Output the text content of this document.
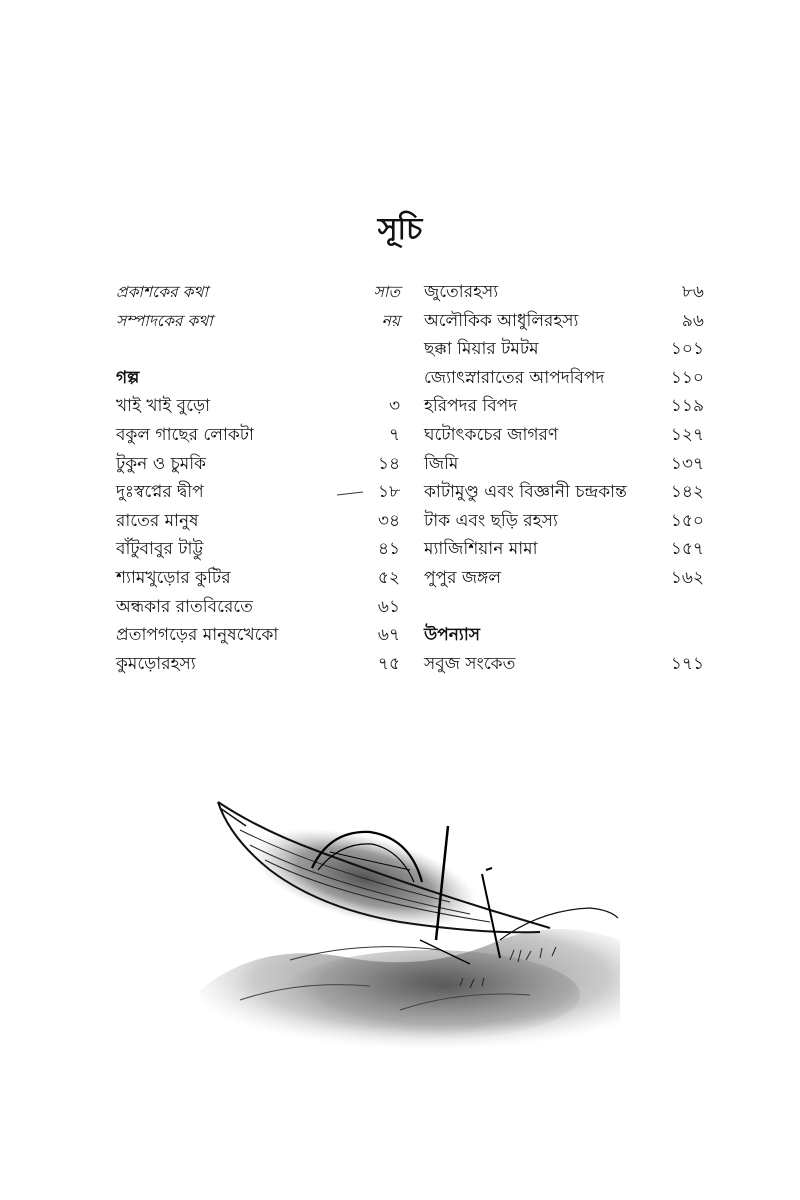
সূচি
প্রকাশকের কথা	সাত
সম্পাদকের কথা	নয়
গল্প
খাই খাই বুড়ো	৩
বকুল গাছের লোকটা	৭
টুকুন ও চুমকি	১৪
দুঃস্বপ্নের দ্বীপ	১৮
রাতের মানুষ	৩৪
বাঁটুবাবুর টাট্টু	৪১
শ্যামখুড়োর কুটির	৫২
অন্ধকার রাতবিরেতে	৬১
প্রতাপগড়ের মানুষখেকো	৬৭
কুমড়োরহস্য	৭৫
জুতোরহস্য	৮৬
অলৌকিক আধুলিরহস্য	৯৬
ছক্কা মিয়ার টমটম	১০১
জ্যোৎস্নারাতের আপদবিপদ	১১০
হরিপদর বিপদ	১১৯
ঘটোৎকচের জাগরণ	১২৭
জিমি	১৩৭
কাটামুণ্ডু এবং বিজ্ঞানী চন্দ্রকান্ত	১৪২
টাক এবং ছড়ি রহস্য	১৫০
ম্যাজিশিয়ান মামা	১৫৭
পুপুর জঙ্গল	১৬২
উপন্যাস
সবুজ সংকেত	১৭১
